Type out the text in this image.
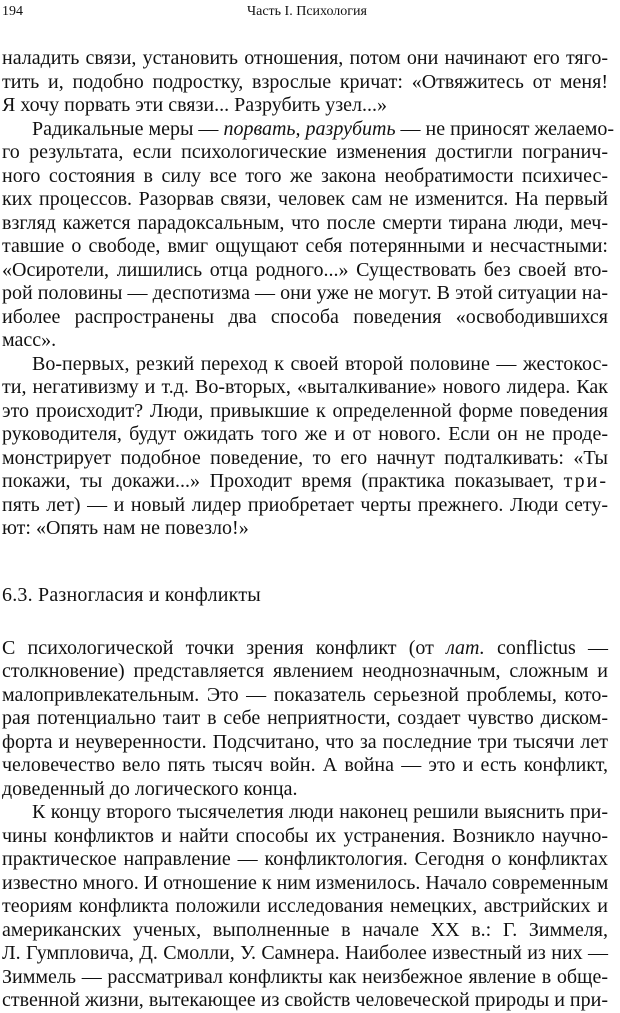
194	Часть I. Психология
наладить связи, установить отношения, потом они начинают его тяго-
тить и, подобно подростку, взрослые кричат: «Отвяжитесь от меня!
Я хочу порвать эти связи... Разрубить узел...»
Радикальные меры — порвать, разрубить — не приносят желаемо-
го результата, если психологические изменения достигли погранич-
ного состояния в силу все того же закона необратимости психичес-
ких процессов. Разорвав связи, человек сам не изменится. На первый
взгляд кажется парадоксальным, что после смерти тирана люди, меч-
тавшие о свободе, вмиг ощущают себя потерянными и несчастными:
«Осиротели, лишились отца родного...» Существовать без своей вто-
рой половины — деспотизма — они уже не могут. В этой ситуации на-
иболее распространены два способа поведения «освободившихся
масс».
Во-первых, резкий переход к своей второй половине — жестокос-
ти, негативизму и т.д. Во-вторых, «выталкивание» нового лидера. Как
это происходит? Люди, привыкшие к определенной форме поведения
руководителя, будут ожидать того же и от нового. Если он не проде-
монстрирует подобное поведение, то его начнут подталкивать: «Ты
покажи, ты докажи...» Проходит время (практика показывает, три-
пять лет) — и новый лидер приобретает черты прежнего. Люди сету-
ют: «Опять нам не повезло!»
6.3. Разногласия и конфликты
С психологической точки зрения конфликт (от лат. conflictus —
столкновение) представляется явлением неоднозначным, сложным и
малопривлекательным. Это — показатель серьезной проблемы, кото-
рая потенциально таит в себе неприятности, создает чувство диском-
форта и неуверенности. Подсчитано, что за последние три тысячи лет
человечество вело пять тысяч войн. А война — это и есть конфликт,
доведенный до логического конца.
К концу второго тысячелетия люди наконец решили выяснить при-
чины конфликтов и найти способы их устранения. Возникло научно-
практическое направление — конфликтология. Сегодня о конфликтах
известно много. И отношение к ним изменилось. Начало современным
теориям конфликта положили исследования немецких, австрийских и
американских ученых, выполненные в начале XX в.: Г. Зиммеля,
Л. Гумпловича, Д. Смолли, У. Самнера. Наиболее известный из них —
Зиммель — рассматривал конфликты как неизбежное явление в обще-
ственной жизни, вытекающее из свойств человеческой природы и при-
